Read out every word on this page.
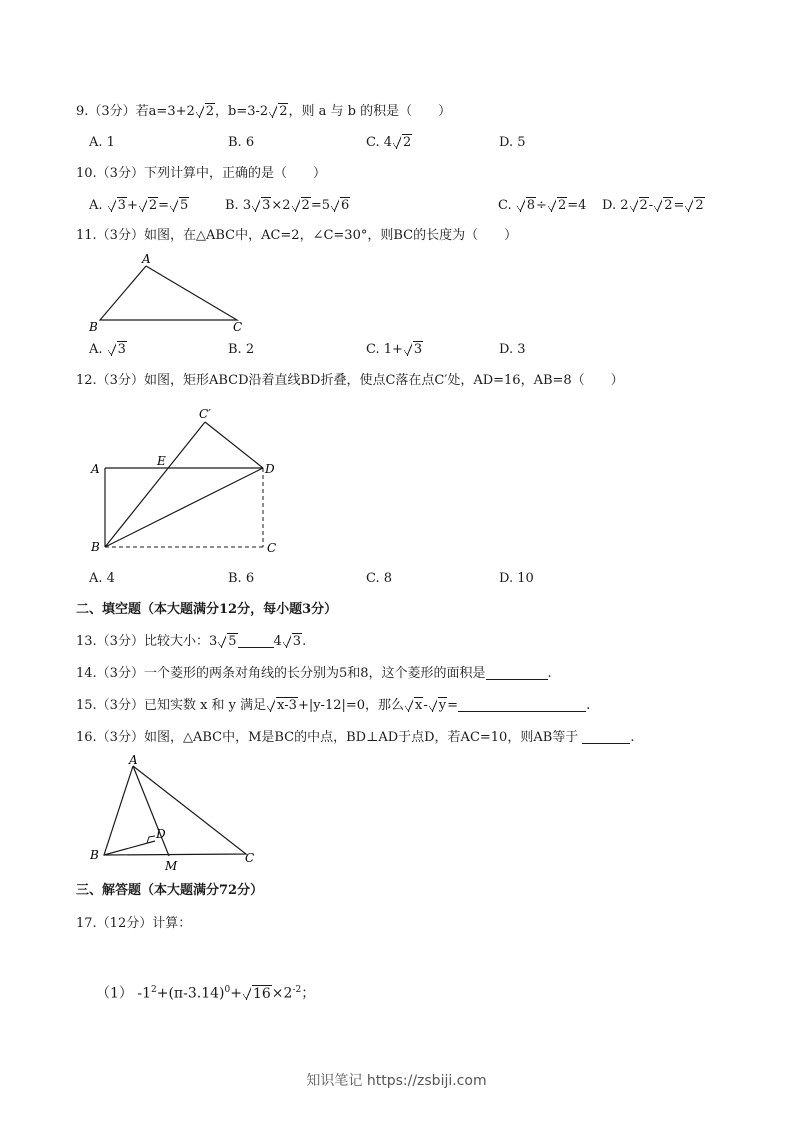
9.（3分）若a=3+2 2，b=3-2 2，则 a 与 b 的积是（　　）
A. 1	B. 6	C. 4 2	D. 5
10.（3分）下列计算中，正确的是（　　）
A. 3+ 2= 5	B. 3 3×2 2=5 6	C. 8÷ 2=4 D. 2 2- 2= 2
11.（3分）如图，在△ABC中，AC=2，∠C=30°，则BC的长度为（　　）
A
B	C
A. 3	B. 2	C. 1+ 3	D. 3
12.（3分）如图，矩形ABCD沿着直线BD折叠，使点C落在点C′处，AD=16，AB=8（　　）
C′
A
E
D
B	C
A. 4	B. 6	C. 8	D. 10
二、填空题（本大题满分12分，每小题3分）
13.（3分）比较大小：3 5	4 3.
14.（3分）一个菱形的两条对角线的长分别为5和8，这个菱形的面积是	.
15.（3分）已知实数 x 和 y 满足 x-3+|y-12|=0，那么 x- y=	.
16.（3分）如图，△ABC中，M是BC的中点，BD⊥AD于点D，若AC=10，则AB等于	.
A
D
B
M
C
三、解答题（本大题满分72分）
17.（12分）计算：
（1） $-1^2+(\pi-3.14)^0+ 16\times 2^{-2}$；
知识笔记 https://zsbiji.com
